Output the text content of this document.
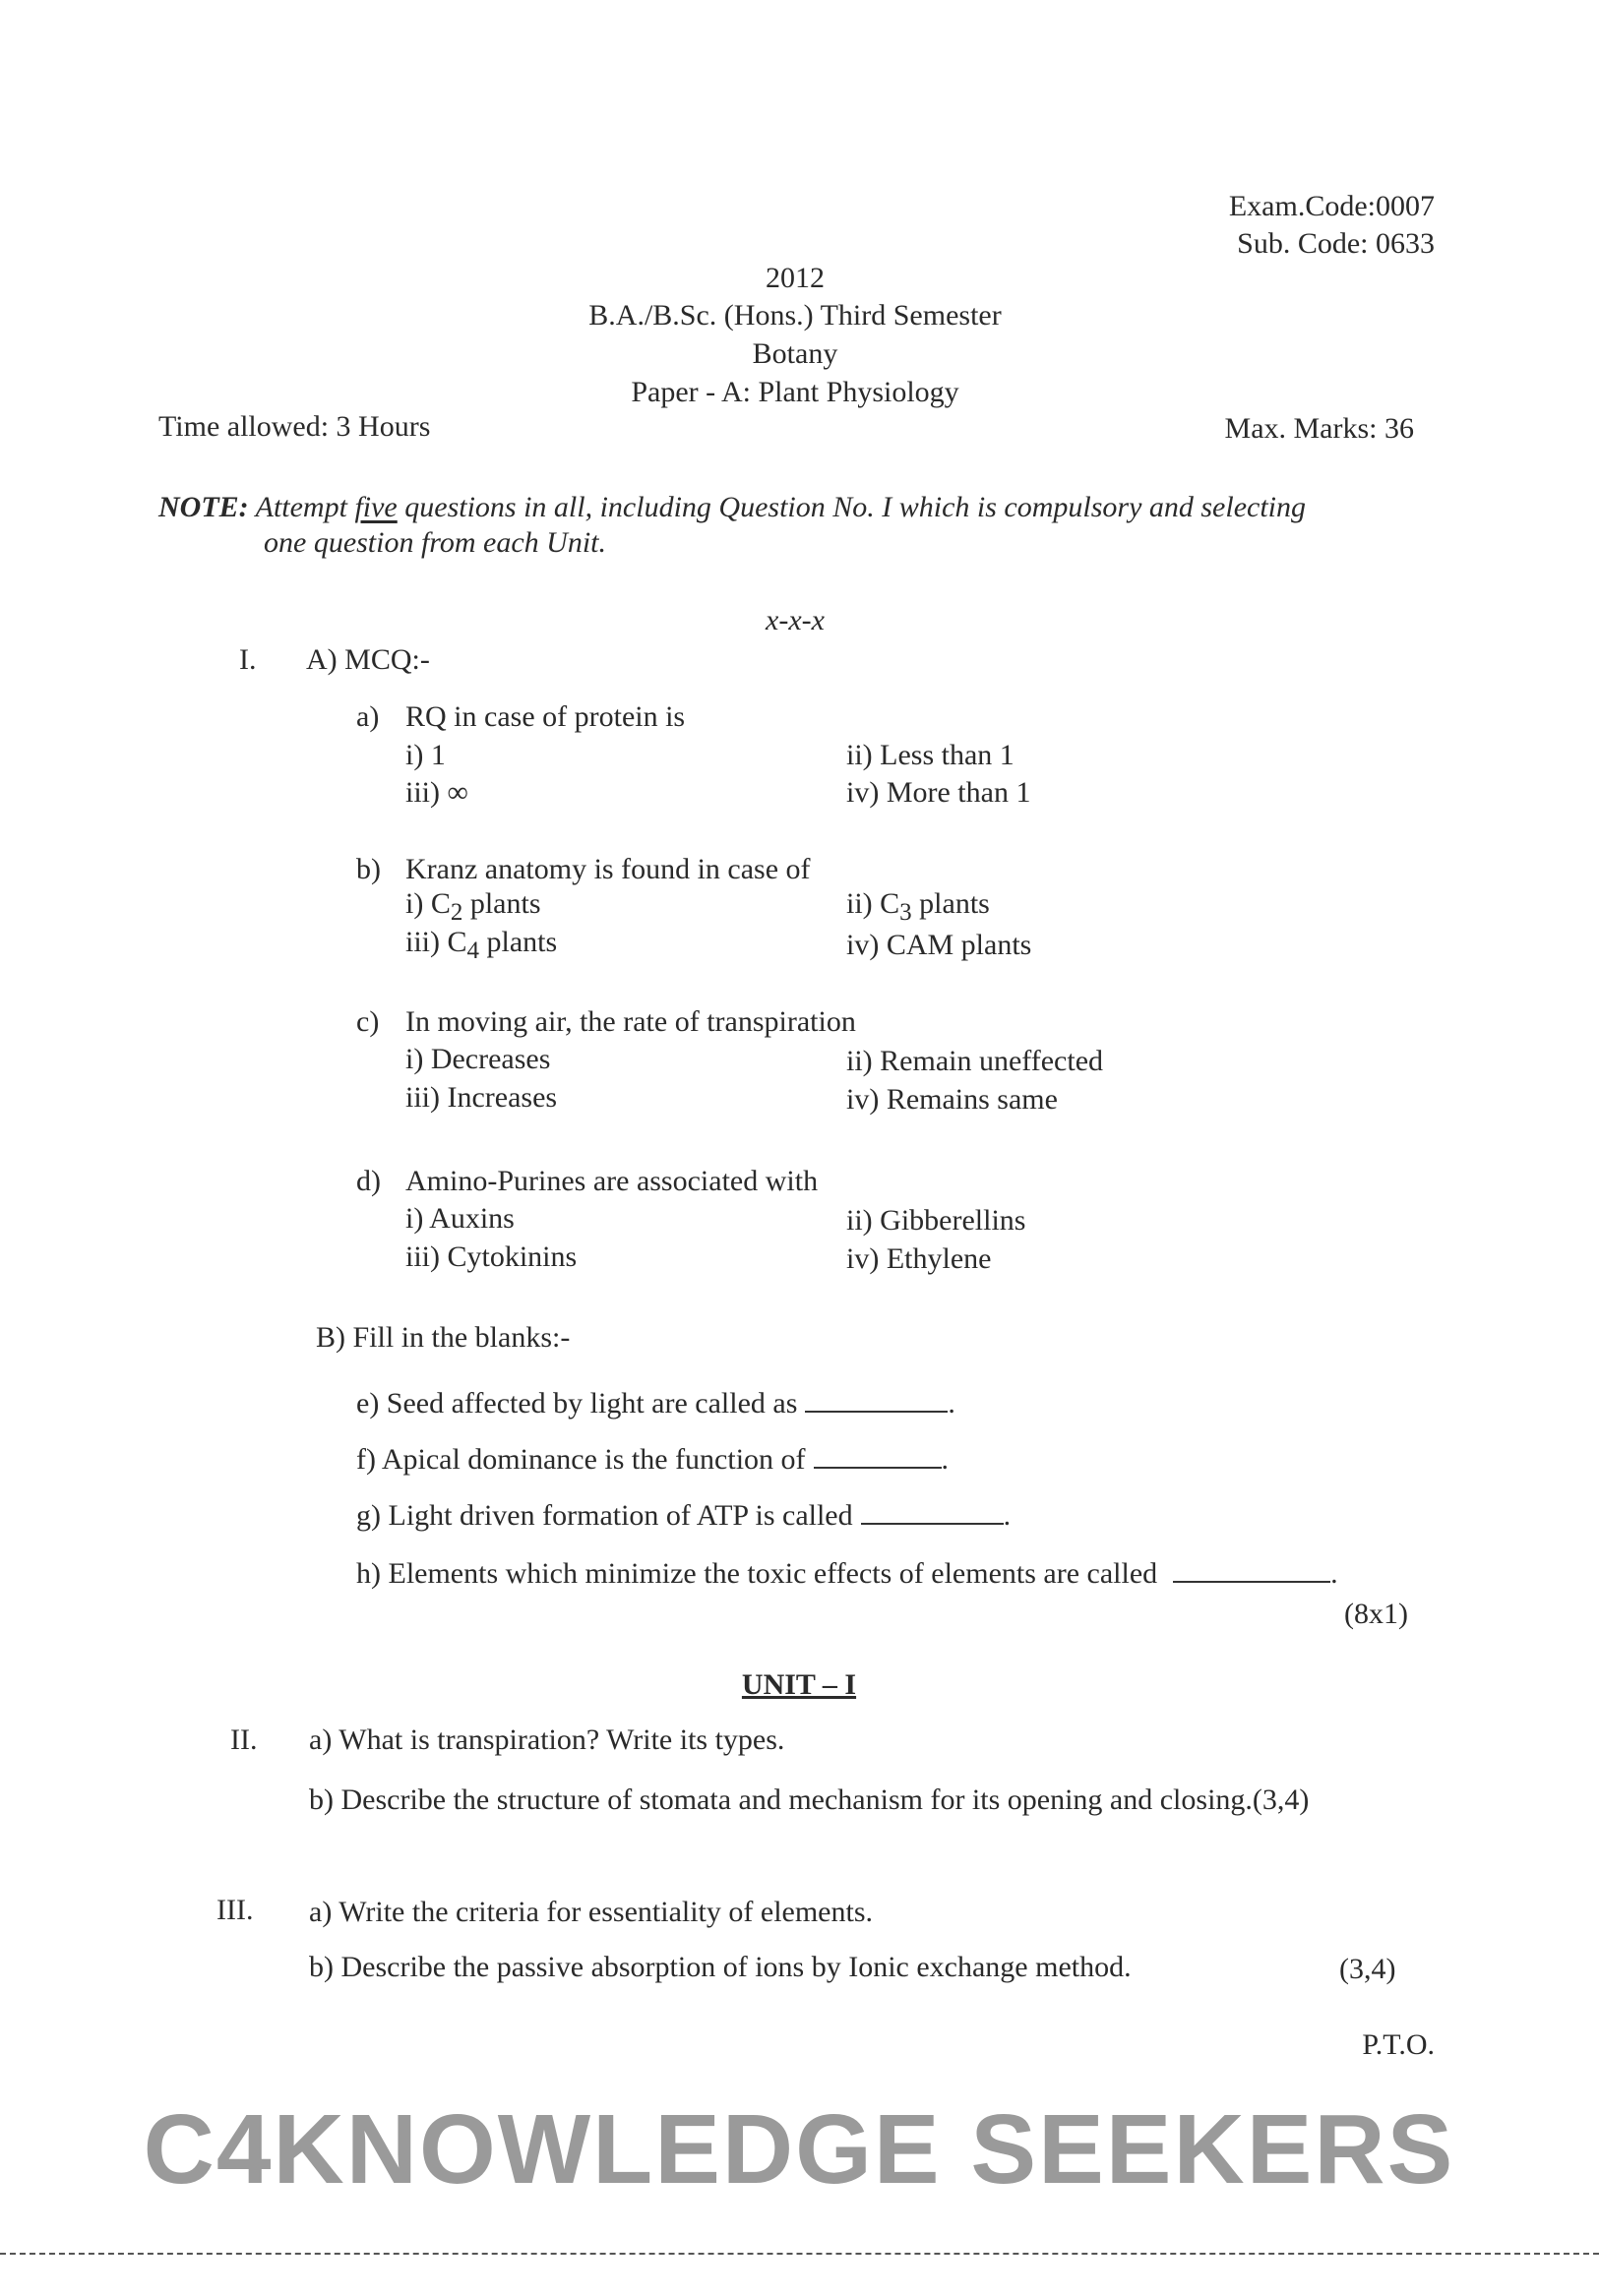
Exam.Code:0007
Sub. Code: 0633
2012
B.A./B.Sc. (Hons.) Third Semester
Botany
Paper - A: Plant Physiology
Time allowed: 3 Hours	Max. Marks: 36
NOTE: Attempt five questions in all, including Question No. I which is compulsory and selecting
one question from each Unit.
x-x-x
I. A) MCQ:-
a) RQ in case of protein is
i) 1	ii) Less than 1
iii) ∞	iv) More than 1
b) Kranz anatomy is found in case of
i) $C_2$ plants	ii) $C_3$ plants
iii) $C_4$ plants	iv) CAM plants
c) In moving air, the rate of transpiration
i) Decreases	ii) Remain uneffected
iii) Increases	iv) Remains same
d) Amino-Purines are associated with
i) Auxins	ii) Gibberellins
iii) Cytokinins	iv) Ethylene
B) Fill in the blanks:-
e) Seed affected by light are called as	.
f) Apical dominance is the function of	.
g) Light driven formation of ATP is called	.
h) Elements which minimize the toxic effects of elements are called	.
(8x1)
UNIT – I
II. a) What is transpiration? Write its types.
b) Describe the structure of stomata and mechanism for its opening and closing.(3,4)
III. a) Write the criteria for essentiality of elements.
b) Describe the passive absorption of ions by Ionic exchange method.	(3,4)
P.T.O.
C4KNOWLEDGE SEEKERS
